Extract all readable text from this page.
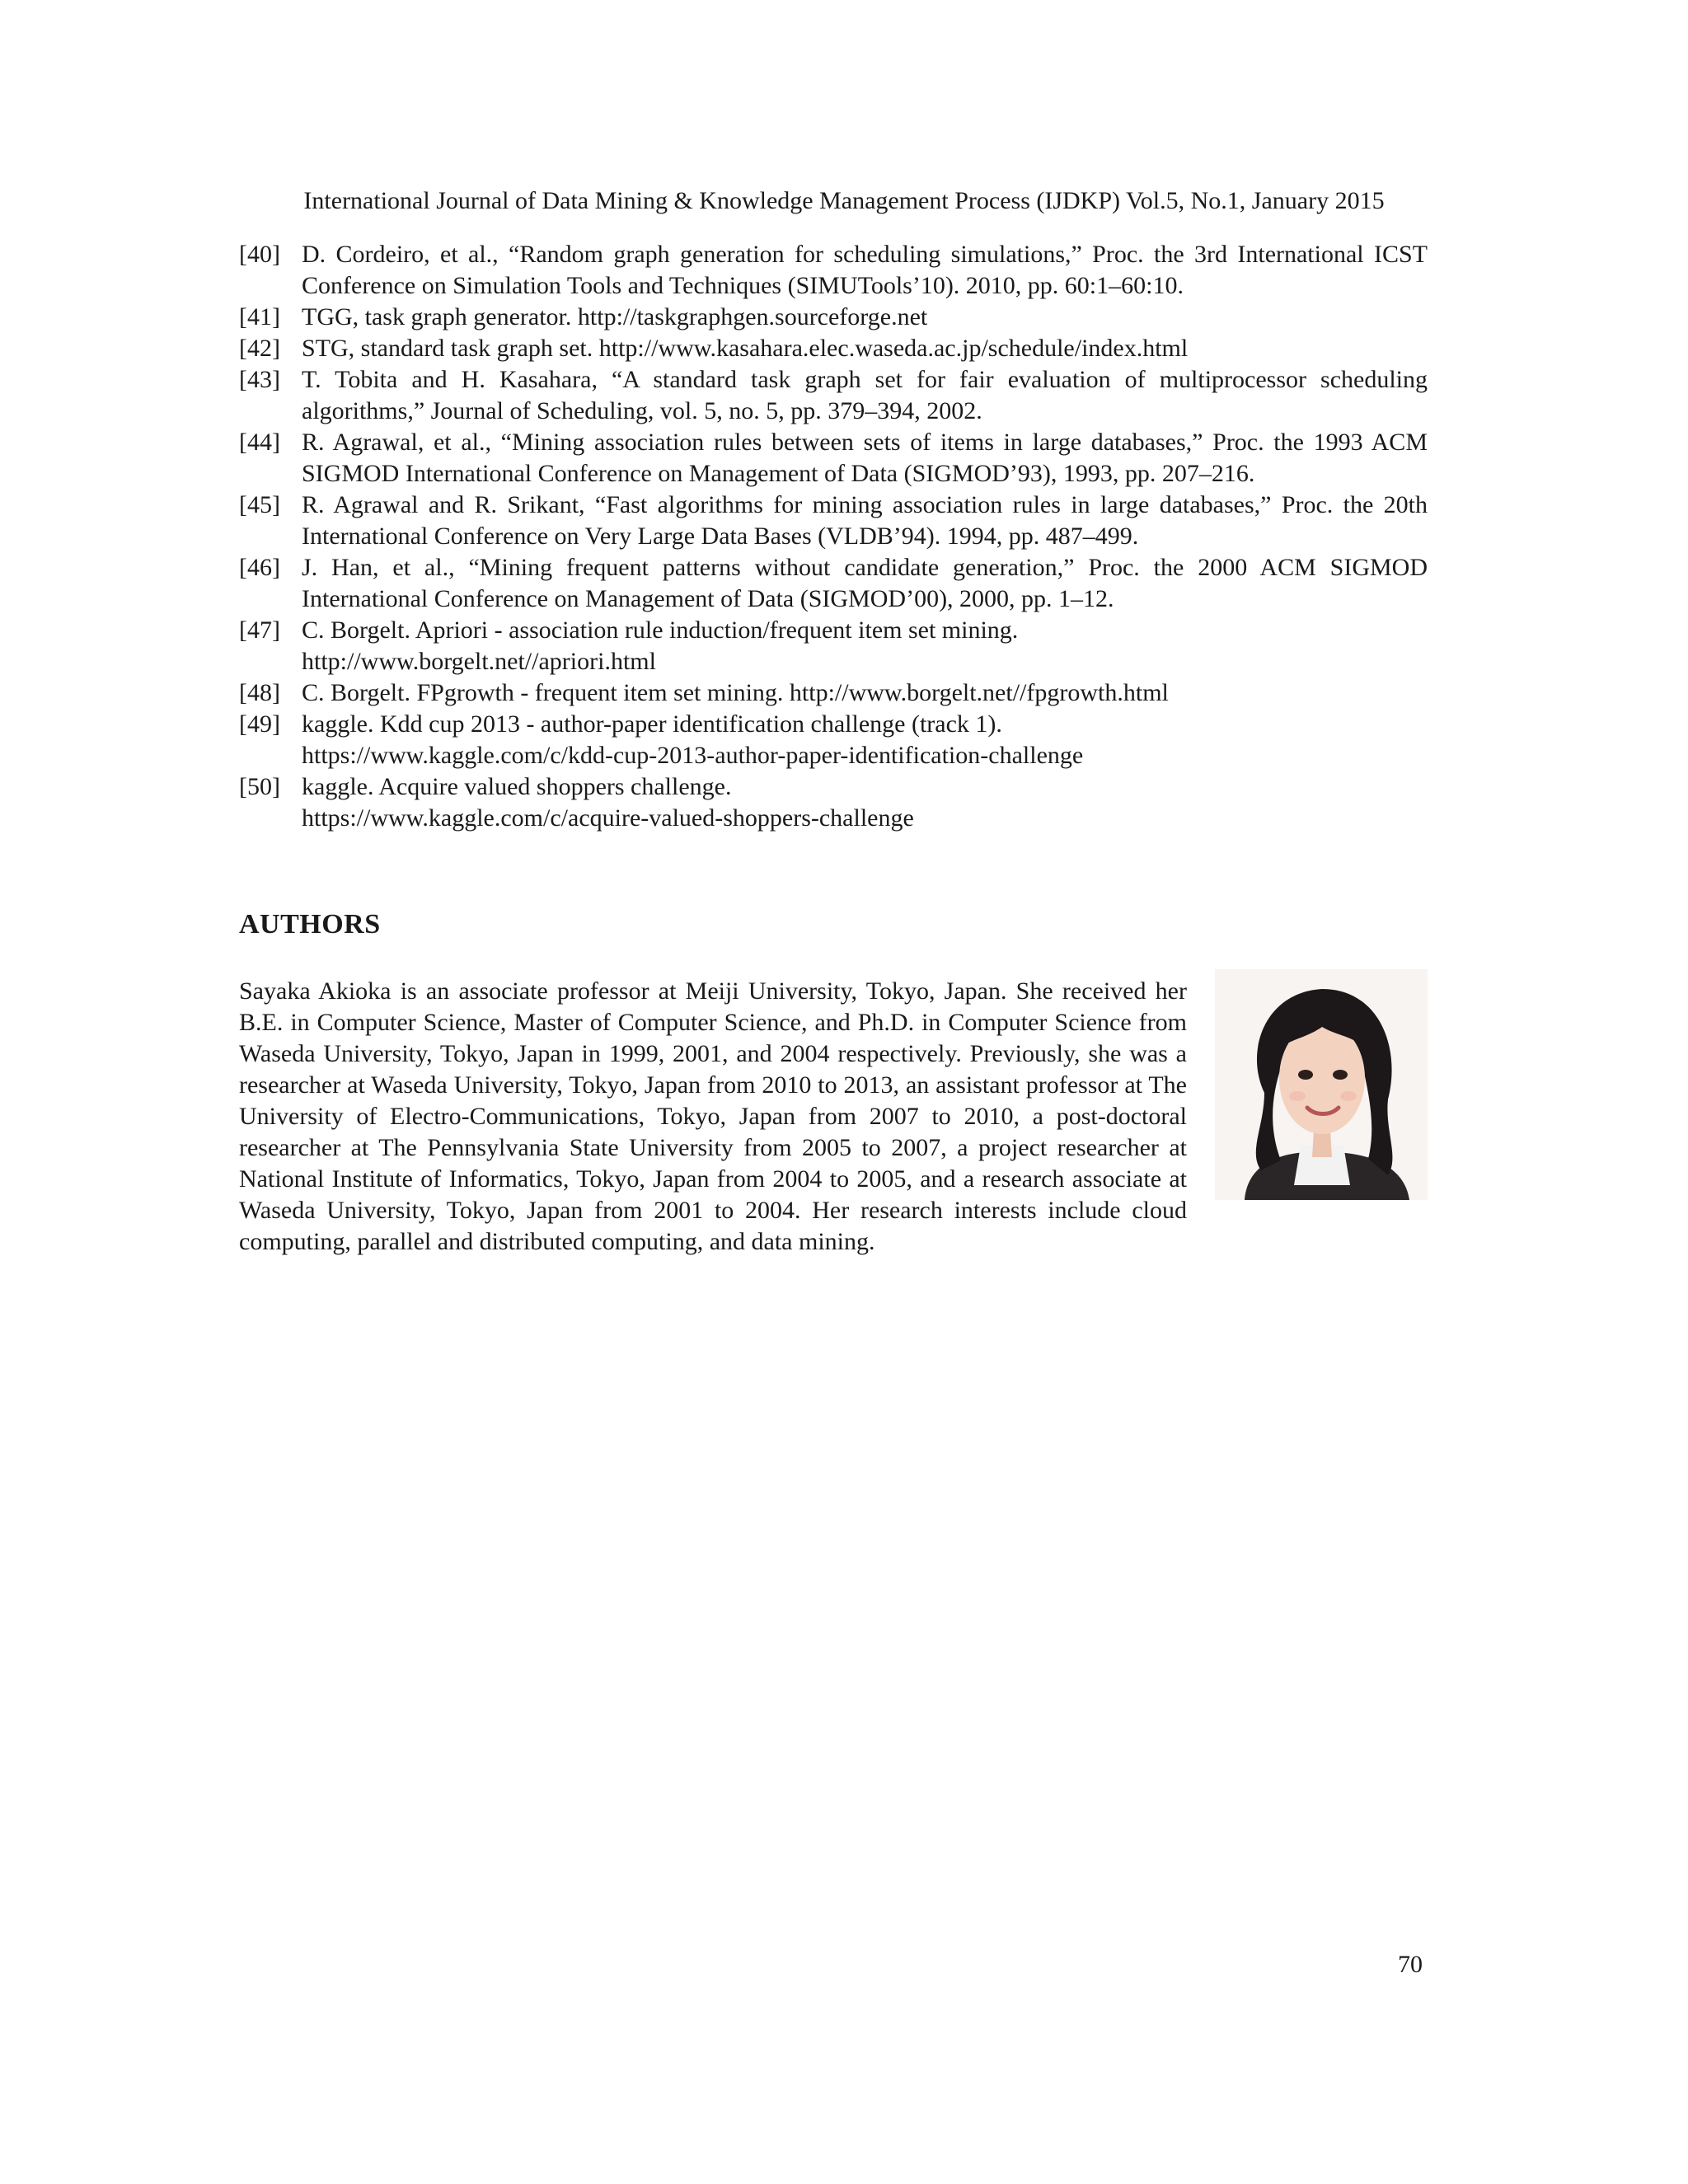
International Journal of Data Mining & Knowledge Management Process (IJDKP) Vol.5, No.1, January 2015
[40] D. Cordeiro, et al., “Random graph generation for scheduling simulations,” Proc. the 3rd International ICST Conference on Simulation Tools and Techniques (SIMUTools’10). 2010, pp. 60:1–60:10.
[41] TGG, task graph generator. http://taskgraphgen.sourceforge.net
[42] STG, standard task graph set. http://www.kasahara.elec.waseda.ac.jp/schedule/index.html
[43] T. Tobita and H. Kasahara, “A standard task graph set for fair evaluation of multiprocessor scheduling algorithms,” Journal of Scheduling, vol. 5, no. 5, pp. 379–394, 2002.
[44] R. Agrawal, et al., “Mining association rules between sets of items in large databases,” Proc. the 1993 ACM SIGMOD International Conference on Management of Data (SIGMOD’93), 1993, pp. 207–216.
[45] R. Agrawal and R. Srikant, “Fast algorithms for mining association rules in large databases,” Proc. the 20th International Conference on Very Large Data Bases (VLDB’94). 1994, pp. 487–499.
[46] J. Han, et al., “Mining frequent patterns without candidate generation,” Proc. the 2000 ACM SIGMOD International Conference on Management of Data (SIGMOD’00), 2000, pp. 1–12.
[47] C. Borgelt. Apriori - association rule induction/frequent item set mining.
http://www.borgelt.net//apriori.html
[48] C. Borgelt. FPgrowth - frequent item set mining. http://www.borgelt.net//fpgrowth.html
[49] kaggle. Kdd cup 2013 - author-paper identification challenge (track 1).
https://www.kaggle.com/c/kdd-cup-2013-author-paper-identification-challenge
[50] kaggle. Acquire valued shoppers challenge.
https://www.kaggle.com/c/acquire-valued-shoppers-challenge
AUTHORS
Sayaka Akioka is an associate professor at Meiji University, Tokyo, Japan. She received her B.E. in Computer Science, Master of Computer Science, and Ph.D. in Computer Science from Waseda University, Tokyo, Japan in 1999, 2001, and 2004 respectively. Previously, she was a researcher at Waseda University, Tokyo, Japan from 2010 to 2013, an assistant professor at The University of Electro-Communications, Tokyo, Japan from 2007 to 2010, a post-doctoral researcher at The Pennsylvania State University from 2005 to 2007, a project researcher at National Institute of Informatics, Tokyo, Japan from 2004 to 2005, and a research associate at Waseda University, Tokyo, Japan from 2001 to 2004. Her research interests include cloud computing, parallel and distributed computing, and data mining.
70
